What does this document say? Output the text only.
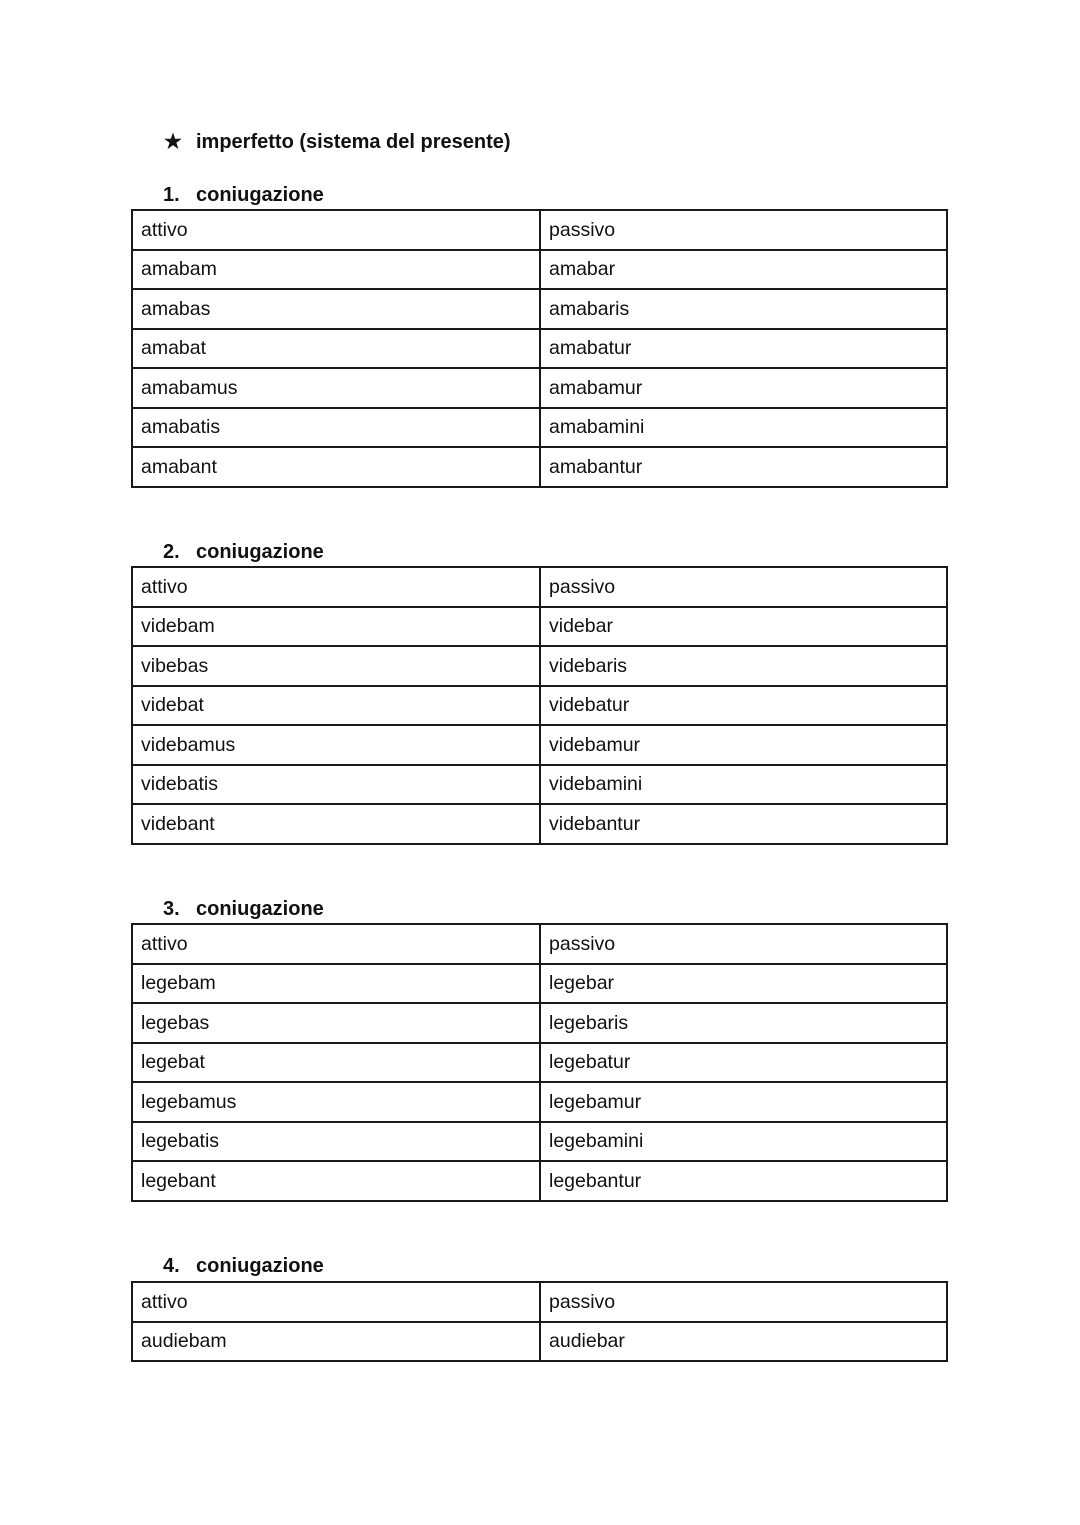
★ imperfetto (sistema del presente)
1. coniugazione
attivo	passivo
amabam	amabar
amabas	amabaris
amabat	amabatur
amabamus	amabamur
amabatis	amabamini
amabant	amabantur
2. coniugazione
attivo	passivo
videbam	videbar
vibebas	videbaris
videbat	videbatur
videbamus	videbamur
videbatis	videbamini
videbant	videbantur
3. coniugazione
attivo	passivo
legebam	legebar
legebas	legebaris
legebat	legebatur
legebamus	legebamur
legebatis	legebamini
legebant	legebantur
4. coniugazione
attivo	passivo
audiebam	audiebar
